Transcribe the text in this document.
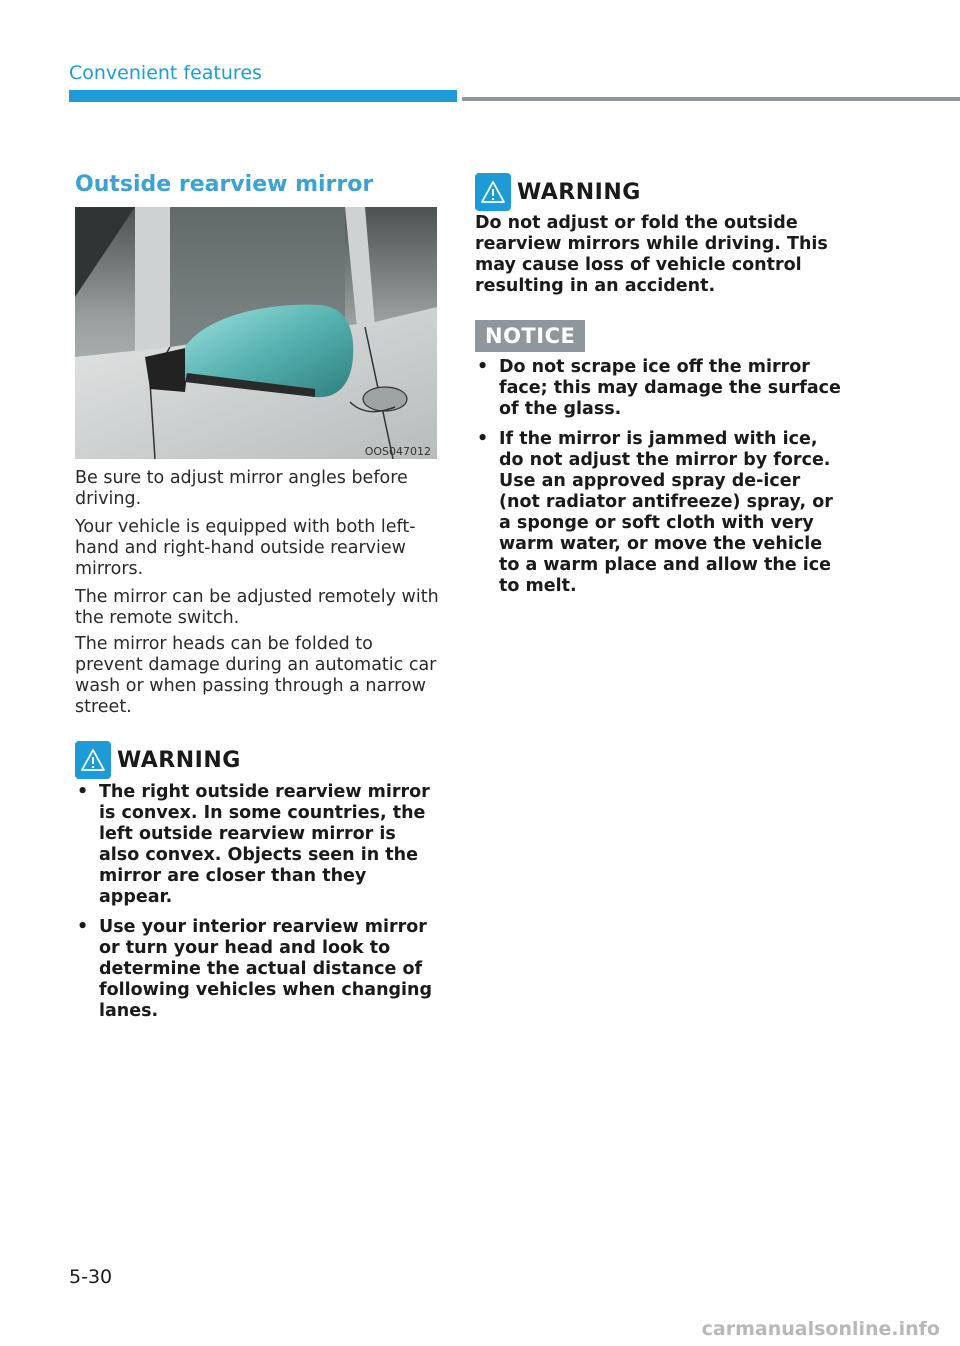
Convenient features
Outside rearview mirror
OOS047012

Be sure to adjust mirror angles before driving.

Your vehicle is equipped with both left-hand and right-hand outside rearview mirrors.

The mirror can be adjusted remotely with the remote switch.

The mirror heads can be folded to prevent damage during an automatic car wash or when passing through a narrow street.

WARNING
• The right outside rearview mirror is convex. In some countries, the left outside rearview mirror is also convex. Objects seen in the mirror are closer than they appear.
• Use your interior rearview mirror or turn your head and look to determine the actual distance of following vehicles when changing lanes.
WARNING

Do not adjust or fold the outside rearview mirrors while driving. This may cause loss of vehicle control resulting in an accident.

NOTICE
• Do not scrape ice off the mirror face; this may damage the surface of the glass.
• If the mirror is jammed with ice, do not adjust the mirror by force. Use an approved spray de-icer (not radiator antifreeze) spray, or a sponge or soft cloth with very warm water, or move the vehicle to a warm place and allow the ice to melt.
5-30
carmanualsonline.info
